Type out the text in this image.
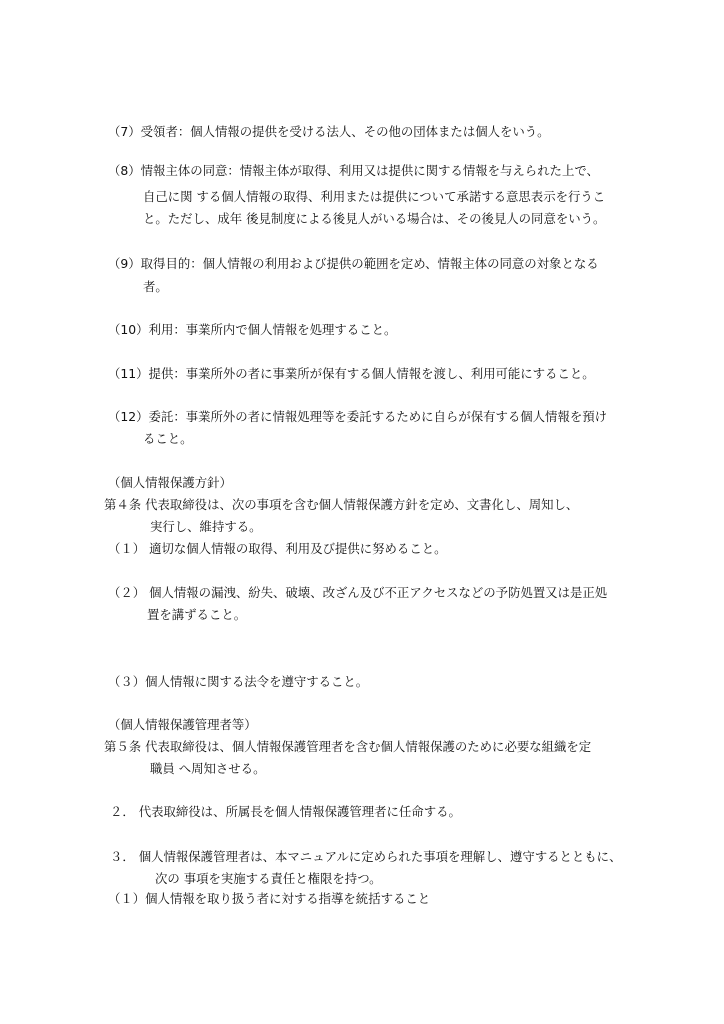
（7）受領者：個人情報の提供を受ける法人、その他の団体または個人をいう。
（8）情報主体の同意：情報主体が取得、利用又は提供に関する情報を与えられた上で、
自己に関 する個人情報の取得、利用または提供について承諾する意思表示を行うこ
と。ただし、成年 後見制度による後見人がいる場合は、その後見人の同意をいう。
（9）取得目的：個人情報の利用および提供の範囲を定め、情報主体の同意の対象となる
者。
（10）利用：事業所内で個人情報を処理すること。
（11）提供：事業所外の者に事業所が保有する個人情報を渡し、利用可能にすること。
（12）委託：事業所外の者に情報処理等を委託するために自らが保有する個人情報を預け
ること。
（個人情報保護方針）
第４条 代表取締役は、次の事項を含む個人情報保護方針を定め、文書化し、周知し、
実行し、維持する。
（１） 適切な個人情報の取得、利用及び提供に努めること。
（２） 個人情報の漏洩、紛失、破壊、改ざん及び不正アクセスなどの予防処置又は是正処
置を講ずること。
（３）個人情報に関する法令を遵守すること。
（個人情報保護管理者等）
第５条 代表取締役は、個人情報保護管理者を含む個人情報保護のために必要な組織を定
職員 へ周知させる。
２． 代表取締役は、所属長を個人情報保護管理者に任命する。
３． 個人情報保護管理者は、本マニュアルに定められた事項を理解し、遵守するとともに、
次の 事項を実施する責任と権限を持つ。
（１）個人情報を取り扱う者に対する指導を統括すること
